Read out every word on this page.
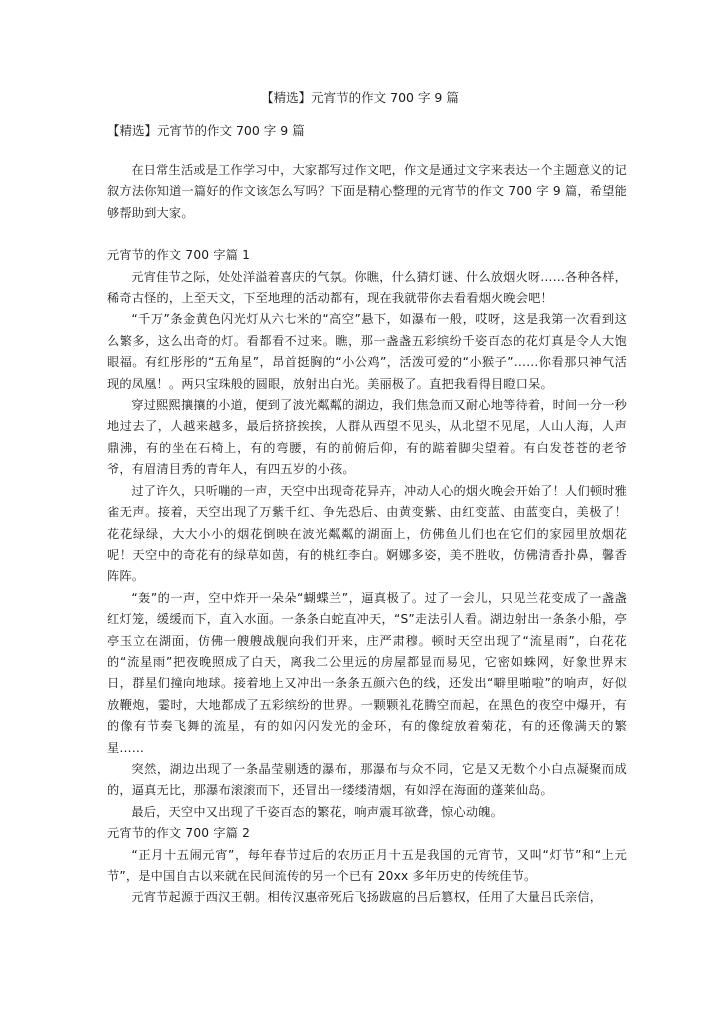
【精选】元宵节的作文 700 字 9 篇
【精选】元宵节的作文 700 字 9 篇

在日常生活或是工作学习中，大家都写过作文吧，作文是通过文字来表达一个主题意义的记叙方法你知道一篇好的作文该怎么写吗？下面是精心整理的元宵节的作文 700 字 9 篇，希望能够帮助到大家。

元宵节的作文 700 字篇 1

元宵佳节之际，处处洋溢着喜庆的气氛。你瞧，什么猜灯谜、什么放烟火呀……各种各样，稀奇古怪的，上至天文，下至地理的活动都有，现在我就带你去看看烟火晚会吧！

“千万”条金黄色闪光灯从六七米的“高空”悬下，如瀑布一般，哎呀，这是我第一次看到这么繁多，这么出奇的灯。看都看不过来。瞧，那一盏盏五彩缤纷千姿百态的花灯真是令人大饱眼福。有红彤彤的“五角星”，昂首挺胸的“小公鸡”，活泼可爱的“小猴子”……你看那只神气活现的凤凰！。两只宝珠般的圆眼，放射出白光。美丽极了。直把我看得目瞪口呆。

穿过熙熙攘攘的小道，便到了波光粼粼的湖边，我们焦急而又耐心地等待着，时间一分一秒地过去了，人越来越多，最后挤挤挨挨，人群从西望不见头，从北望不见尾，人山人海，人声鼎沸，有的坐在石椅上，有的弯腰，有的前俯后仰，有的踮着脚尖望着。有白发苍苍的老爷爷，有眉清目秀的青年人，有四五岁的小孩。

过了许久，只听嘣的一声，天空中出现奇花异卉，冲动人心的烟火晚会开始了！人们顿时雅雀无声。接着，天空出现了万紫千红、争先恐后、由黄变紫、由红变蓝、由蓝变白，美极了！花花绿绿，大大小小的烟花倒映在波光粼粼的湖面上，仿佛鱼儿们也在它们的家园里放烟花呢！天空中的奇花有的绿草如茵，有的桃红李白。婀娜多姿，美不胜收，仿佛清香扑鼻，馨香阵阵。

“轰”的一声，空中炸开一朵朵“蝴蝶兰”，逼真极了。过了一会儿，只见兰花变成了一盏盏红灯笼，缓缓而下，直入水面。一条条白蛇直冲天，“S”走法引人看。湖边射出一条条小船，亭亭玉立在湖面，仿佛一艘艘战舰向我们开来，庄严肃穆。顿时天空出现了“流星雨”，白花花的“流星雨”把夜晚照成了白天，离我二公里远的房屋都显而易见，它密如蛛网，好象世界末日，群星们撞向地球。接着地上又冲出一条条五颜六色的线，还发出“噼里啪啦”的响声，好似放鞭炮，霎时，大地都成了五彩缤纷的世界。一颗颗礼花腾空而起，在黑色的夜空中爆开，有的像有节奏飞舞的流星，有的如闪闪发光的金环，有的像绽放着菊花，有的还像满天的繁星……

突然，湖边出现了一条晶莹剔透的瀑布，那瀑布与众不同，它是又无数个小白点凝聚而成的，逼真无比，那瀑布滚滚而下，还冒出一缕缕清烟，有如浮在海面的蓬莱仙岛。

最后，天空中又出现了千姿百态的繁花，响声震耳欲聋，惊心动魄。

元宵节的作文 700 字篇 2

“正月十五闹元宵”，每年春节过后的农历正月十五是我国的元宵节，又叫“灯节”和“上元节”，是中国自古以来就在民间流传的另一个已有 20xx 多年历史的传统佳节。

元宵节起源于西汉王朝。相传汉惠帝死后飞扬跋扈的吕后篡权，任用了大量吕氏亲信，
